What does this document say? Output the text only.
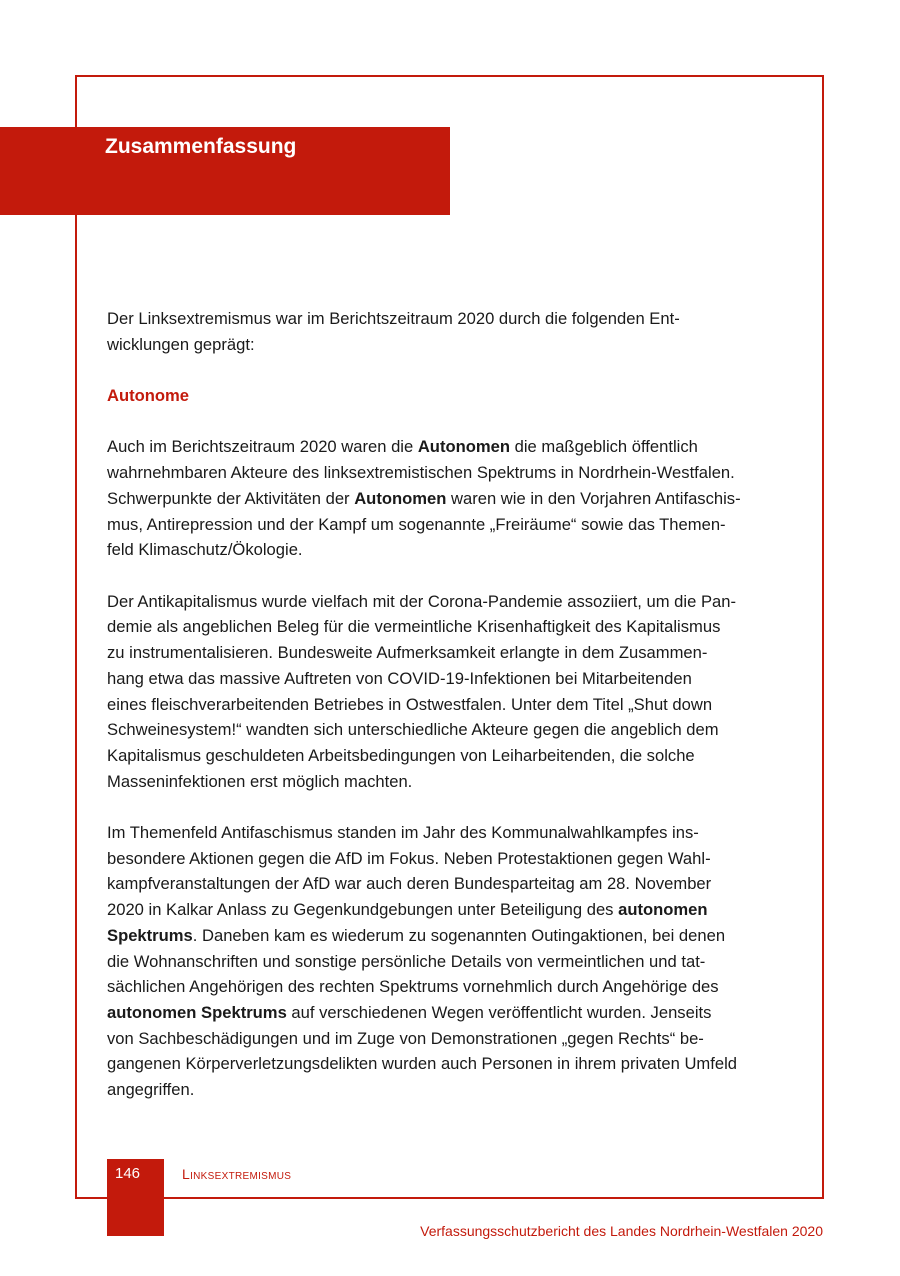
Zusammenfassung

Der Linksextremismus war im Berichtszeitraum 2020 durch die folgenden Ent-
wicklungen geprägt:

Autonome

Auch im Berichtszeitraum 2020 waren die Autonomen die maßgeblich öffentlich
wahrnehmbaren Akteure des linksextremistischen Spektrums in Nordrhein-Westfalen.
Schwerpunkte der Aktivitäten der Autonomen waren wie in den Vorjahren Antifaschis-
mus, Antirepression und der Kampf um sogenannte „Freiräume“ sowie das Themen-
feld Klimaschutz/Ökologie.

Der Antikapitalismus wurde vielfach mit der Corona-Pandemie assoziiert, um die Pan-
demie als angeblichen Beleg für die vermeintliche Krisenhaftigkeit des Kapitalismus
zu instrumentalisieren. Bundesweite Aufmerksamkeit erlangte in dem Zusammen-
hang etwa das massive Auftreten von COVID-19-Infektionen bei Mitarbeitenden
eines fleischverarbeitenden Betriebes in Ostwestfalen. Unter dem Titel „Shut down
Schweinesystem!“ wandten sich unterschiedliche Akteure gegen die angeblich dem
Kapitalismus geschuldeten Arbeitsbedingungen von Leiharbeitenden, die solche
Masseninfektionen erst möglich machten.

Im Themenfeld Antifaschismus standen im Jahr des Kommunalwahlkampfes ins-
besondere Aktionen gegen die AfD im Fokus. Neben Protestaktionen gegen Wahl-
kampfveranstaltungen der AfD war auch deren Bundesparteitag am 28. November
2020 in Kalkar Anlass zu Gegenkundgebungen unter Beteiligung des autonomen
Spektrums. Daneben kam es wiederum zu sogenannten Outingaktionen, bei denen
die Wohnanschriften und sonstige persönliche Details von vermeintlichen und tat-
sächlichen Angehörigen des rechten Spektrums vornehmlich durch Angehörige des
autonomen Spektrums auf verschiedenen Wegen veröffentlicht wurden. Jenseits
von Sachbeschädigungen und im Zuge von Demonstrationen „gegen Rechts“ be-
gangenen Körperverletzungsdelikten wurden auch Personen in ihrem privaten Umfeld
angegriffen.

146	Linksextremismus
Verfassungsschutzbericht des Landes Nordrhein-Westfalen 2020
